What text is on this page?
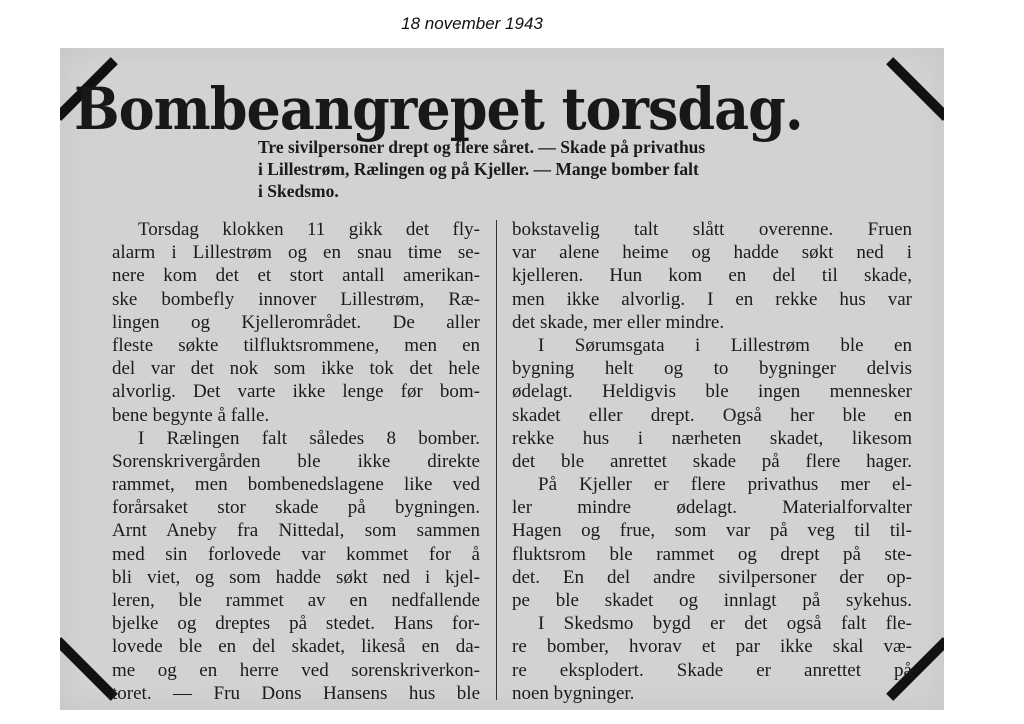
18 november 1943
Bombeangrepet torsdag.
Tre sivilpersoner drept og flere såret. — Skade på privathus
i Lillestrøm, Rælingen og på Kjeller. — Mange bomber falt
i Skedsmo.
Torsdag klokken 11 gikk det fly-
alarm i Lillestrøm og en snau time se-
nere kom det et stort antall amerikan-
ske bombefly innover Lillestrøm, Ræ-
lingen og Kjellerområdet. De aller
fleste søkte tilfluktsrommene, men en
del var det nok som ikke tok det hele
alvorlig. Det varte ikke lenge før bom-
bene begynte å falle.
I Rælingen falt således 8 bomber.
Sorenskrivergården ble ikke direkte
rammet, men bombenedslagene like ved
forårsaket stor skade på bygningen.
Arnt Aneby fra Nittedal, som sammen
med sin forlovede var kommet for å
bli viet, og som hadde søkt ned i kjel-
leren, ble rammet av en nedfallende
bjelke og dreptes på stedet. Hans for-
lovede ble en del skadet, likeså en da-
me og en herre ved sorenskriverkon-
toret. — Fru Dons Hansens hus ble
bokstavelig talt slått overenne. Fruen
var alene heime og hadde søkt ned i
kjelleren. Hun kom en del til skade,
men ikke alvorlig. I en rekke hus var
det skade, mer eller mindre.
I Sørumsgata i Lillestrøm ble en
bygning helt og to bygninger delvis
ødelagt. Heldigvis ble ingen mennesker
skadet eller drept. Også her ble en
rekke hus i nærheten skadet, likesom
det ble anrettet skade på flere hager.
På Kjeller er flere privathus mer el-
ler mindre ødelagt. Materialforvalter
Hagen og frue, som var på veg til til-
fluktsrom ble rammet og drept på ste-
det. En del andre sivilpersoner der op-
pe ble skadet og innlagt på sykehus.
I Skedsmo bygd er det også falt fle-
re bomber, hvorav et par ikke skal væ-
re eksplodert. Skade er anrettet på
noen bygninger.
